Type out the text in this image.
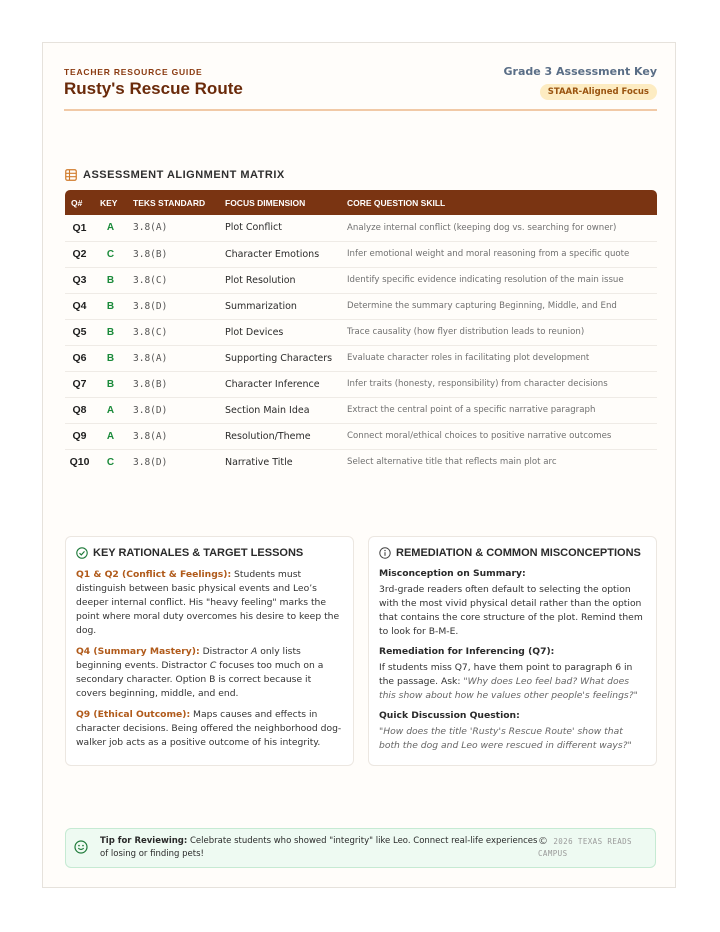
TEACHER RESOURCE GUIDE
Rusty's Rescue Route
Grade 3 Assessment Key
STAAR-Aligned Focus
ASSESSMENT ALIGNMENT MATRIX
Q#	KEY	TEKS STANDARD	FOCUS DIMENSION	CORE QUESTION SKILL
Q1	A	3.8(A)	Plot Conflict	Analyze internal conflict (keeping dog vs. searching for owner)
Q2	C	3.8(B)	Character Emotions	Infer emotional weight and moral reasoning from a specific quote
Q3	B	3.8(C)	Plot Resolution	Identify specific evidence indicating resolution of the main issue
Q4	B	3.8(D)	Summarization	Determine the summary capturing Beginning, Middle, and End
Q5	B	3.8(C)	Plot Devices	Trace causality (how flyer distribution leads to reunion)
Q6	B	3.8(A)	Supporting Characters	Evaluate character roles in facilitating plot development
Q7	B	3.8(B)	Character Inference	Infer traits (honesty, responsibility) from character decisions
Q8	A	3.8(D)	Section Main Idea	Extract the central point of a specific narrative paragraph
Q9	A	3.8(A)	Resolution/Theme	Connect moral/ethical choices to positive narrative outcomes
Q10	C	3.8(D)	Narrative Title	Select alternative title that reflects main plot arc
KEY RATIONALES & TARGET LESSONS

Q1 & Q2 (Conflict & Feelings): Students must distinguish between basic physical events and Leo’s deeper internal conflict. His "heavy feeling" marks the point where moral duty overcomes his desire to keep the dog.

Q4 (Summary Mastery): Distractor A only lists beginning events. Distractor C focuses too much on a secondary character. Option B is correct because it covers beginning, middle, and end.

Q9 (Ethical Outcome): Maps causes and effects in character decisions. Being offered the neighborhood dog-walker job acts as a positive outcome of his integrity.

REMEDIATION & COMMON MISCONCEPTIONS
Misconception on Summary:

3rd-grade readers often default to selecting the option with the most vivid physical detail rather than the option that contains the core structure of the plot. Remind them to look for B-M-E.

Remediation for Inferencing (Q7):

If students miss Q7, have them point to paragraph 6 in the passage. Ask: "Why does Leo feel bad? What does this show about how he values other people's feelings?"

Quick Discussion Question:

"How does the title 'Rusty's Rescue Route' show that both the dog and Leo were rescued in different ways?"

Tip for Reviewing: Celebrate students who showed "integrity" like Leo. Connect real-life experiences of losing or finding pets!
© 2026 TEXAS READS
CAMPUS
